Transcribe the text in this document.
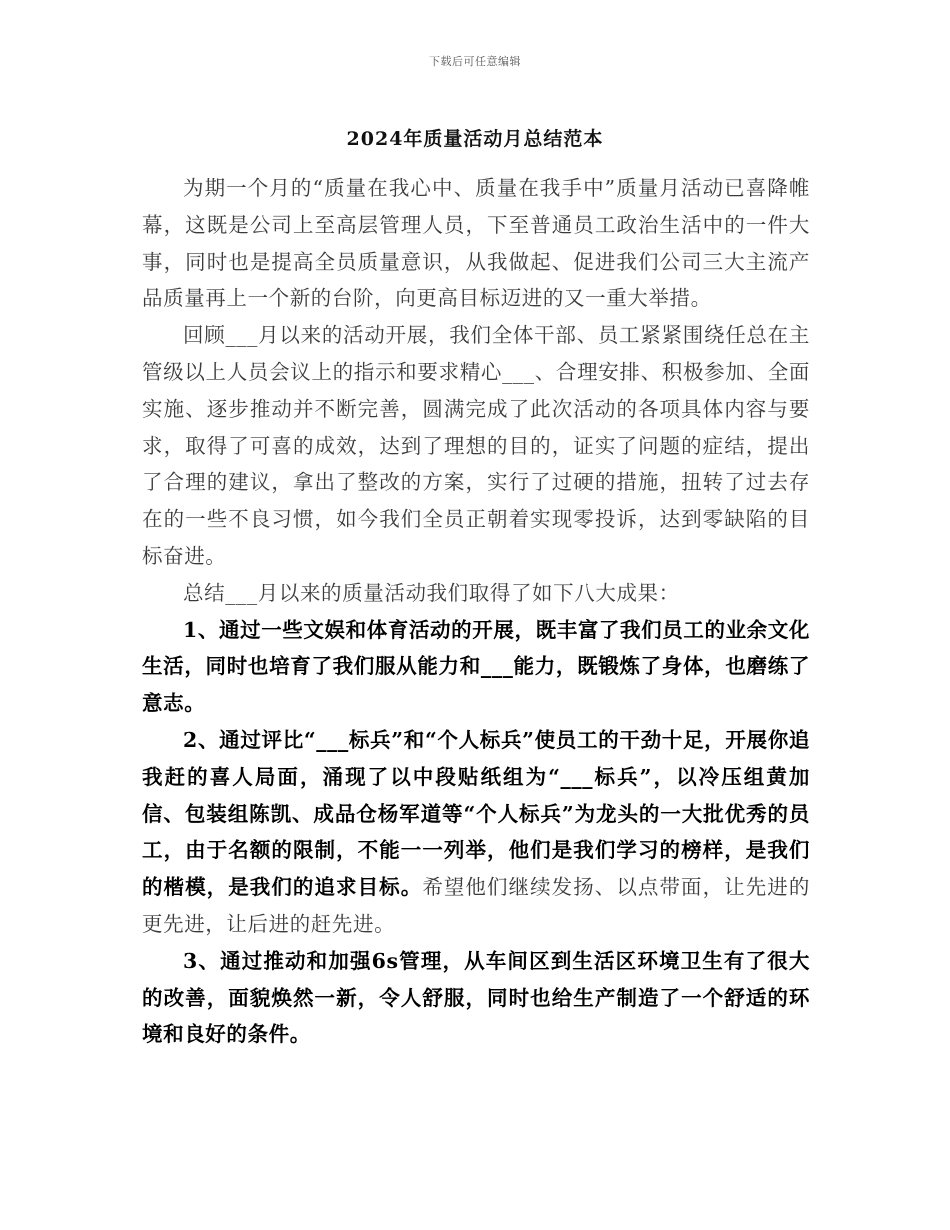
下载后可任意编辑
2024年质量活动月总结范本

为期一个月的“质量在我心中、质量在我手中”质量月活动已喜降帷幕，这既是公司上至高层管理人员，下至普通员工政治生活中的一件大事，同时也是提高全员质量意识，从我做起、促进我们公司三大主流产品质量再上一个新的台阶，向更高目标迈进的又一重大举措。

回顾___月以来的活动开展，我们全体干部、员工紧紧围绕任总在主管级以上人员会议上的指示和要求精心___、合理安排、积极参加、全面实施、逐步推动并不断完善，圆满完成了此次活动的各项具体内容与要求，取得了可喜的成效，达到了理想的目的，证实了问题的症结，提出了合理的建议，拿出了整改的方案，实行了过硬的措施，扭转了过去存在的一些不良习惯，如今我们全员正朝着实现零投诉，达到零缺陷的目标奋进。

总结___月以来的质量活动我们取得了如下八大成果：

1、通过一些文娱和体育活动的开展，既丰富了我们员工的业余文化生活，同时也培育了我们服从能力和___能力，既锻炼了身体，也磨练了意志。

2、通过评比“___标兵”和“个人标兵”使员工的干劲十足，开展你追我赶的喜人局面，涌现了以中段贴纸组为“___标兵”，以冷压组黄加信、包装组陈凯、成品仓杨军道等“个人标兵”为龙头的一大批优秀的员工，由于名额的限制，不能一一列举，他们是我们学习的榜样，是我们的楷模，是我们的追求目标。希望他们继续发扬、以点带面，让先进的更先进，让后进的赶先进。

3、通过推动和加强6s管理，从车间区到生活区环境卫生有了很大的改善，面貌焕然一新，令人舒服，同时也给生产制造了一个舒适的环境和良好的条件。
